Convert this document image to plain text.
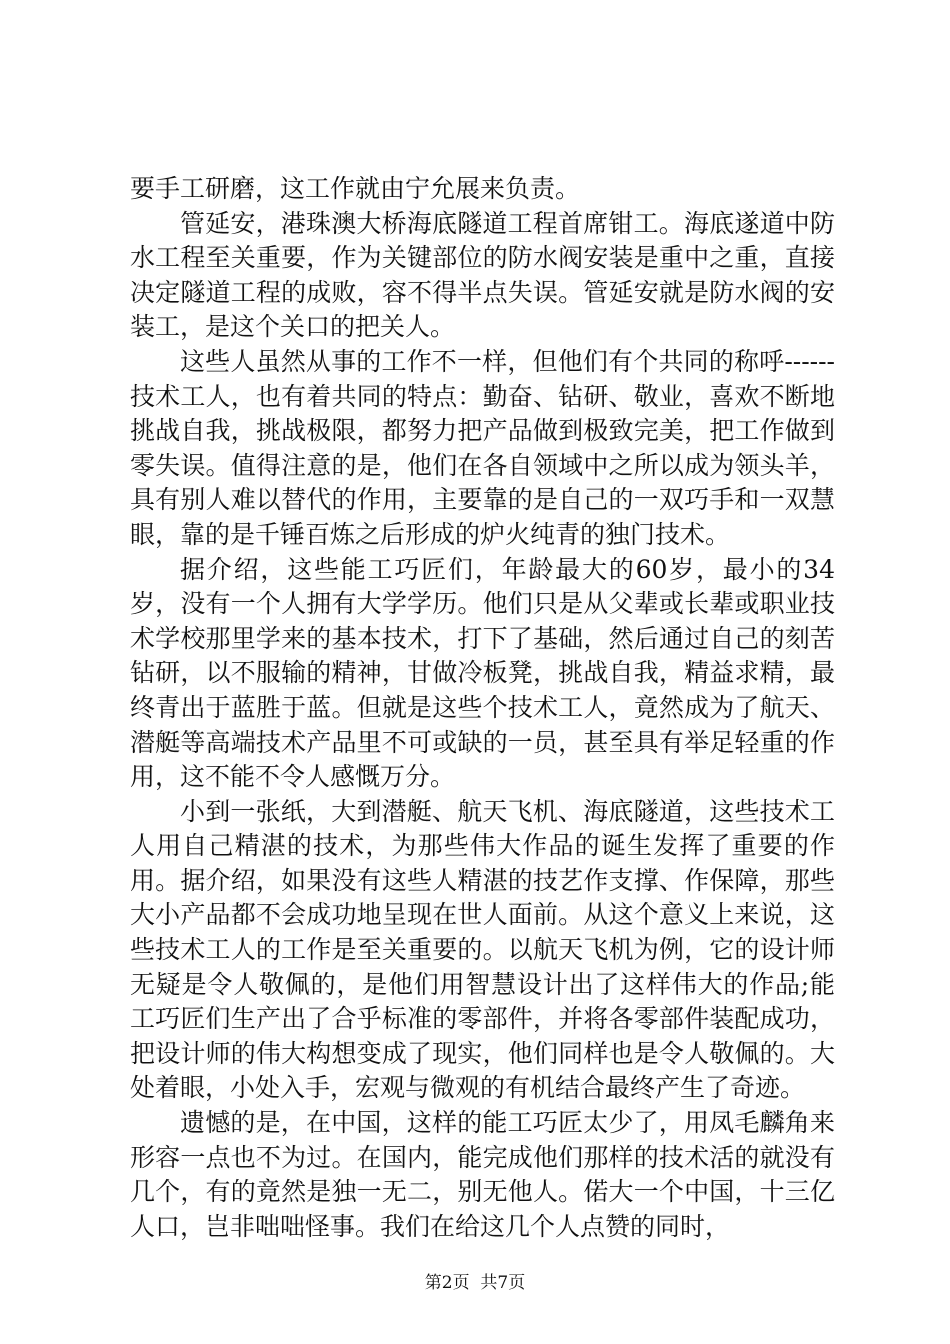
要手工研磨，这工作就由宁允展来负责。

管延安，港珠澳大桥海底隧道工程首席钳工。海底遂道中防水工程至关重要，作为关键部位的防水阀安装是重中之重，直接决定隧道工程的成败，容不得半点失误。管延安就是防水阀的安装工，是这个关口的把关人。

这些人虽然从事的工作不一样，但他们有个共同的称呼------技术工人，也有着共同的特点：勤奋、钻研、敬业，喜欢不断地挑战自我，挑战极限，都努力把产品做到极致完美，把工作做到零失误。值得注意的是，他们在各自领域中之所以成为领头羊，具有别人难以替代的作用，主要靠的是自己的一双巧手和一双慧眼，靠的是千锤百炼之后形成的炉火纯青的独门技术。

据介绍，这些能工巧匠们，年龄最大的60岁，最小的34岁，没有一个人拥有大学学历。他们只是从父辈或长辈或职业技术学校那里学来的基本技术，打下了基础，然后通过自己的刻苦钻研，以不服输的精神，甘做冷板凳，挑战自我，精益求精，最终青出于蓝胜于蓝。但就是这些个技术工人，竟然成为了航天、潜艇等高端技术产品里不可或缺的一员，甚至具有举足轻重的作用，这不能不令人感慨万分。

小到一张纸，大到潜艇、航天飞机、海底隧道，这些技术工人用自己精湛的技术，为那些伟大作品的诞生发挥了重要的作用。据介绍，如果没有这些人精湛的技艺作支撑、作保障，那些大小产品都不会成功地呈现在世人面前。从这个意义上来说，这些技术工人的工作是至关重要的。以航天飞机为例，它的设计师无疑是令人敬佩的，是他们用智慧设计出了这样伟大的作品;能工巧匠们生产出了合乎标准的零部件，并将各零部件装配成功，把设计师的伟大构想变成了现实，他们同样也是令人敬佩的。大处着眼，小处入手，宏观与微观的有机结合最终产生了奇迹。

遗憾的是，在中国，这样的能工巧匠太少了，用凤毛麟角来形容一点也不为过。在国内，能完成他们那样的技术活的就没有几个，有的竟然是独一无二，别无他人。偌大一个中国，十三亿人口，岂非咄咄怪事。我们在给这几个人点赞的同时，

第2页  共7页
